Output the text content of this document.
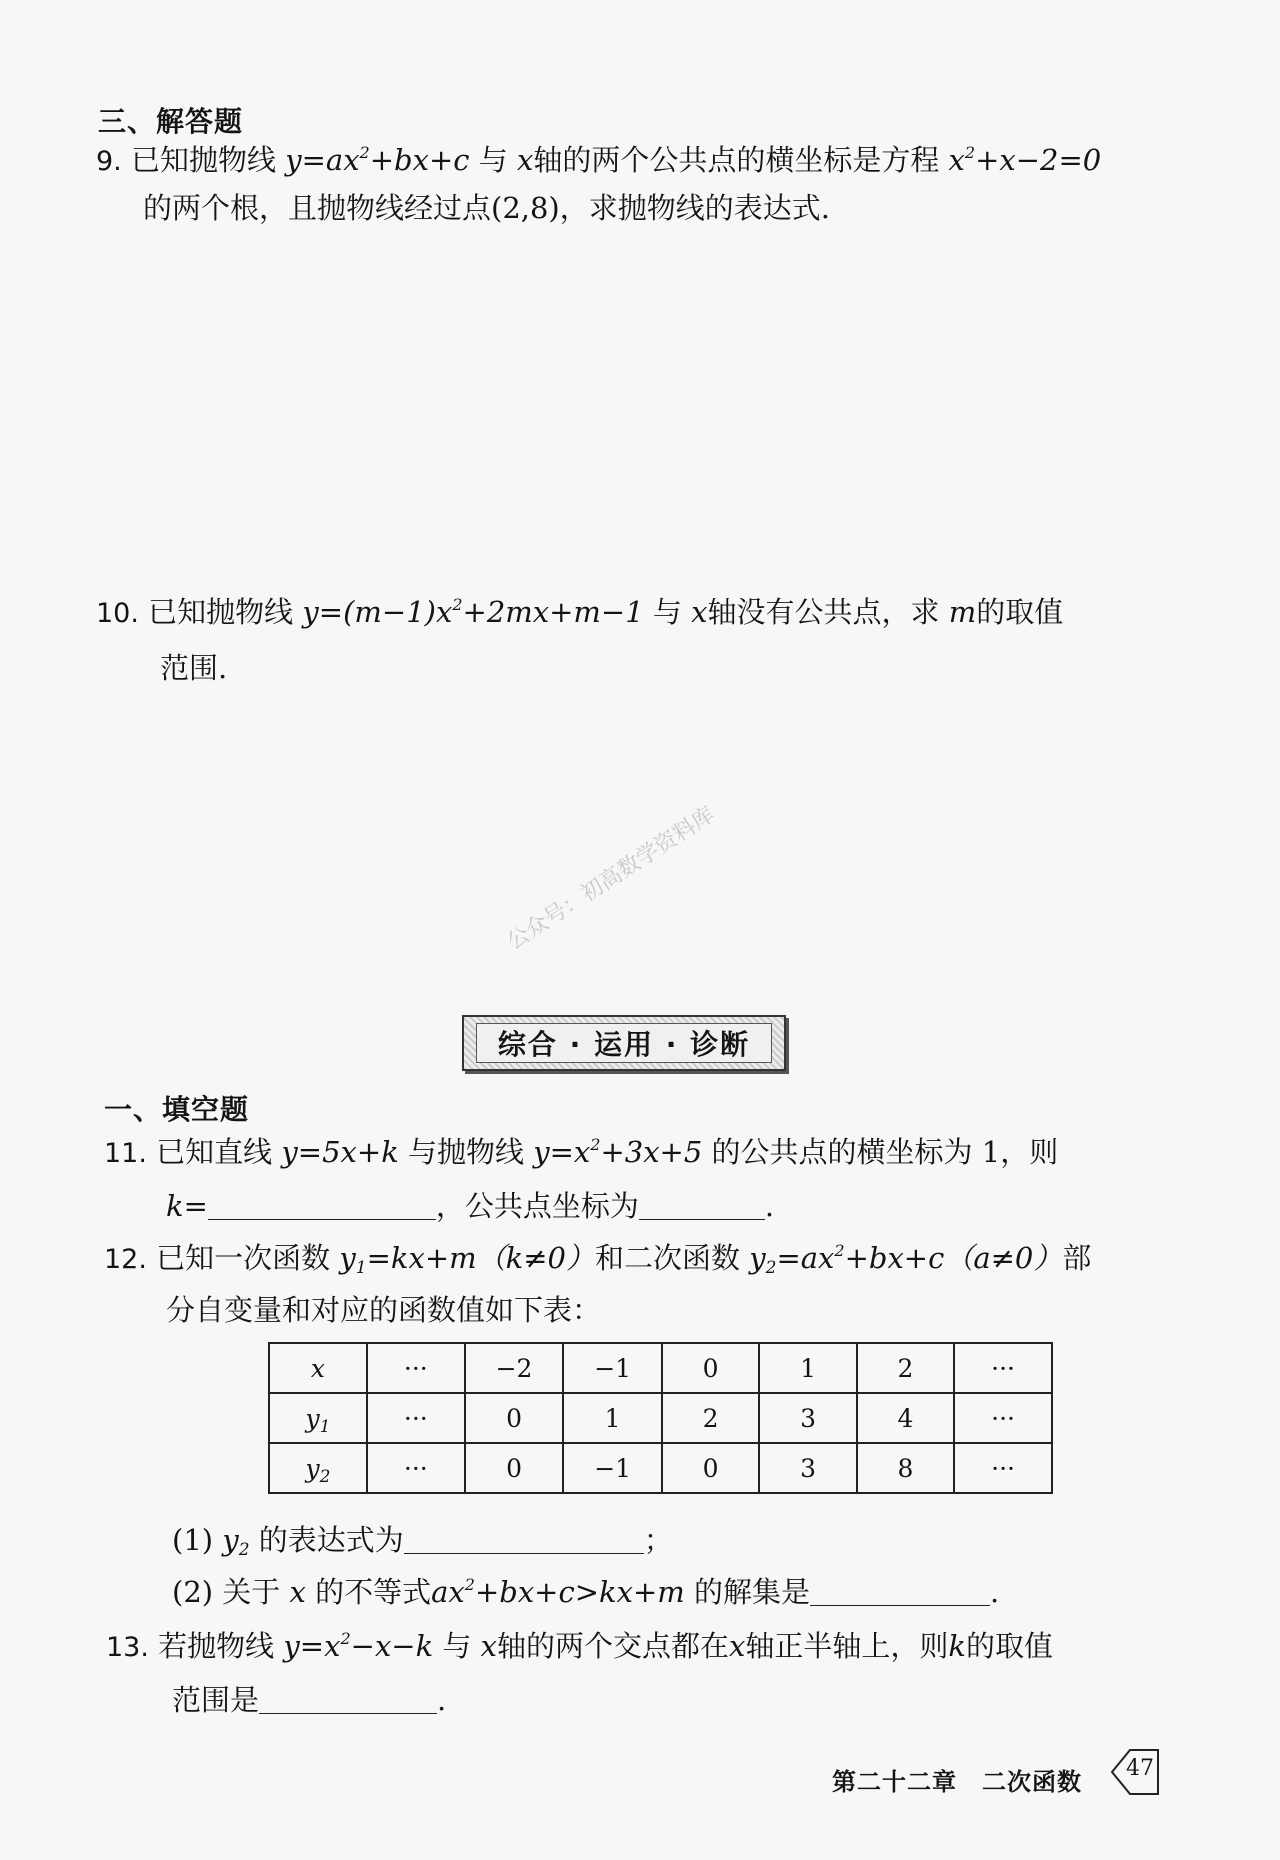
三、解答题
9. 已知抛物线 $y=ax^2+bx+c$ 与 x轴的两个公共点的横坐标是方程 $x^2+x-2=0$
的两个根，且抛物线经过点(2,8)，求抛物线的表达式.
10. 已知抛物线 $y=(m-1)x^2+2mx+m-1$ 与 x轴没有公共点，求 m的取值
范围.
公众号：初高数学资料库
综合 · 运用 · 诊断
一、填空题
11. 已知直线 y=5x+k 与抛物线 $y=x^2+3x+5$ 的公共点的横坐标为 1，则
k=	，公共点坐标为	.
12. 已知一次函数 $y_1=kx+m(k\ne 0)$和二次函数 $y_2=ax^2+bx+c(a\ne 0)$部
分自变量和对应的函数值如下表：
x	···	−2	−1	0	1	2	···
$y_1$	···	0	1	2	3	4	···
$y_2$	···	0	−1	0	3	8	···
(1) $y_2$ 的表达式为	；
(2) 关于 x 的不等式$ax^2+bx+c>kx+m$ 的解集是	.
13. 若抛物线 $y=x^2-x-k$ 与 x轴的两个交点都在x轴正半轴上，则k的取值
范围是	.
第二十二章　二次函数	47
